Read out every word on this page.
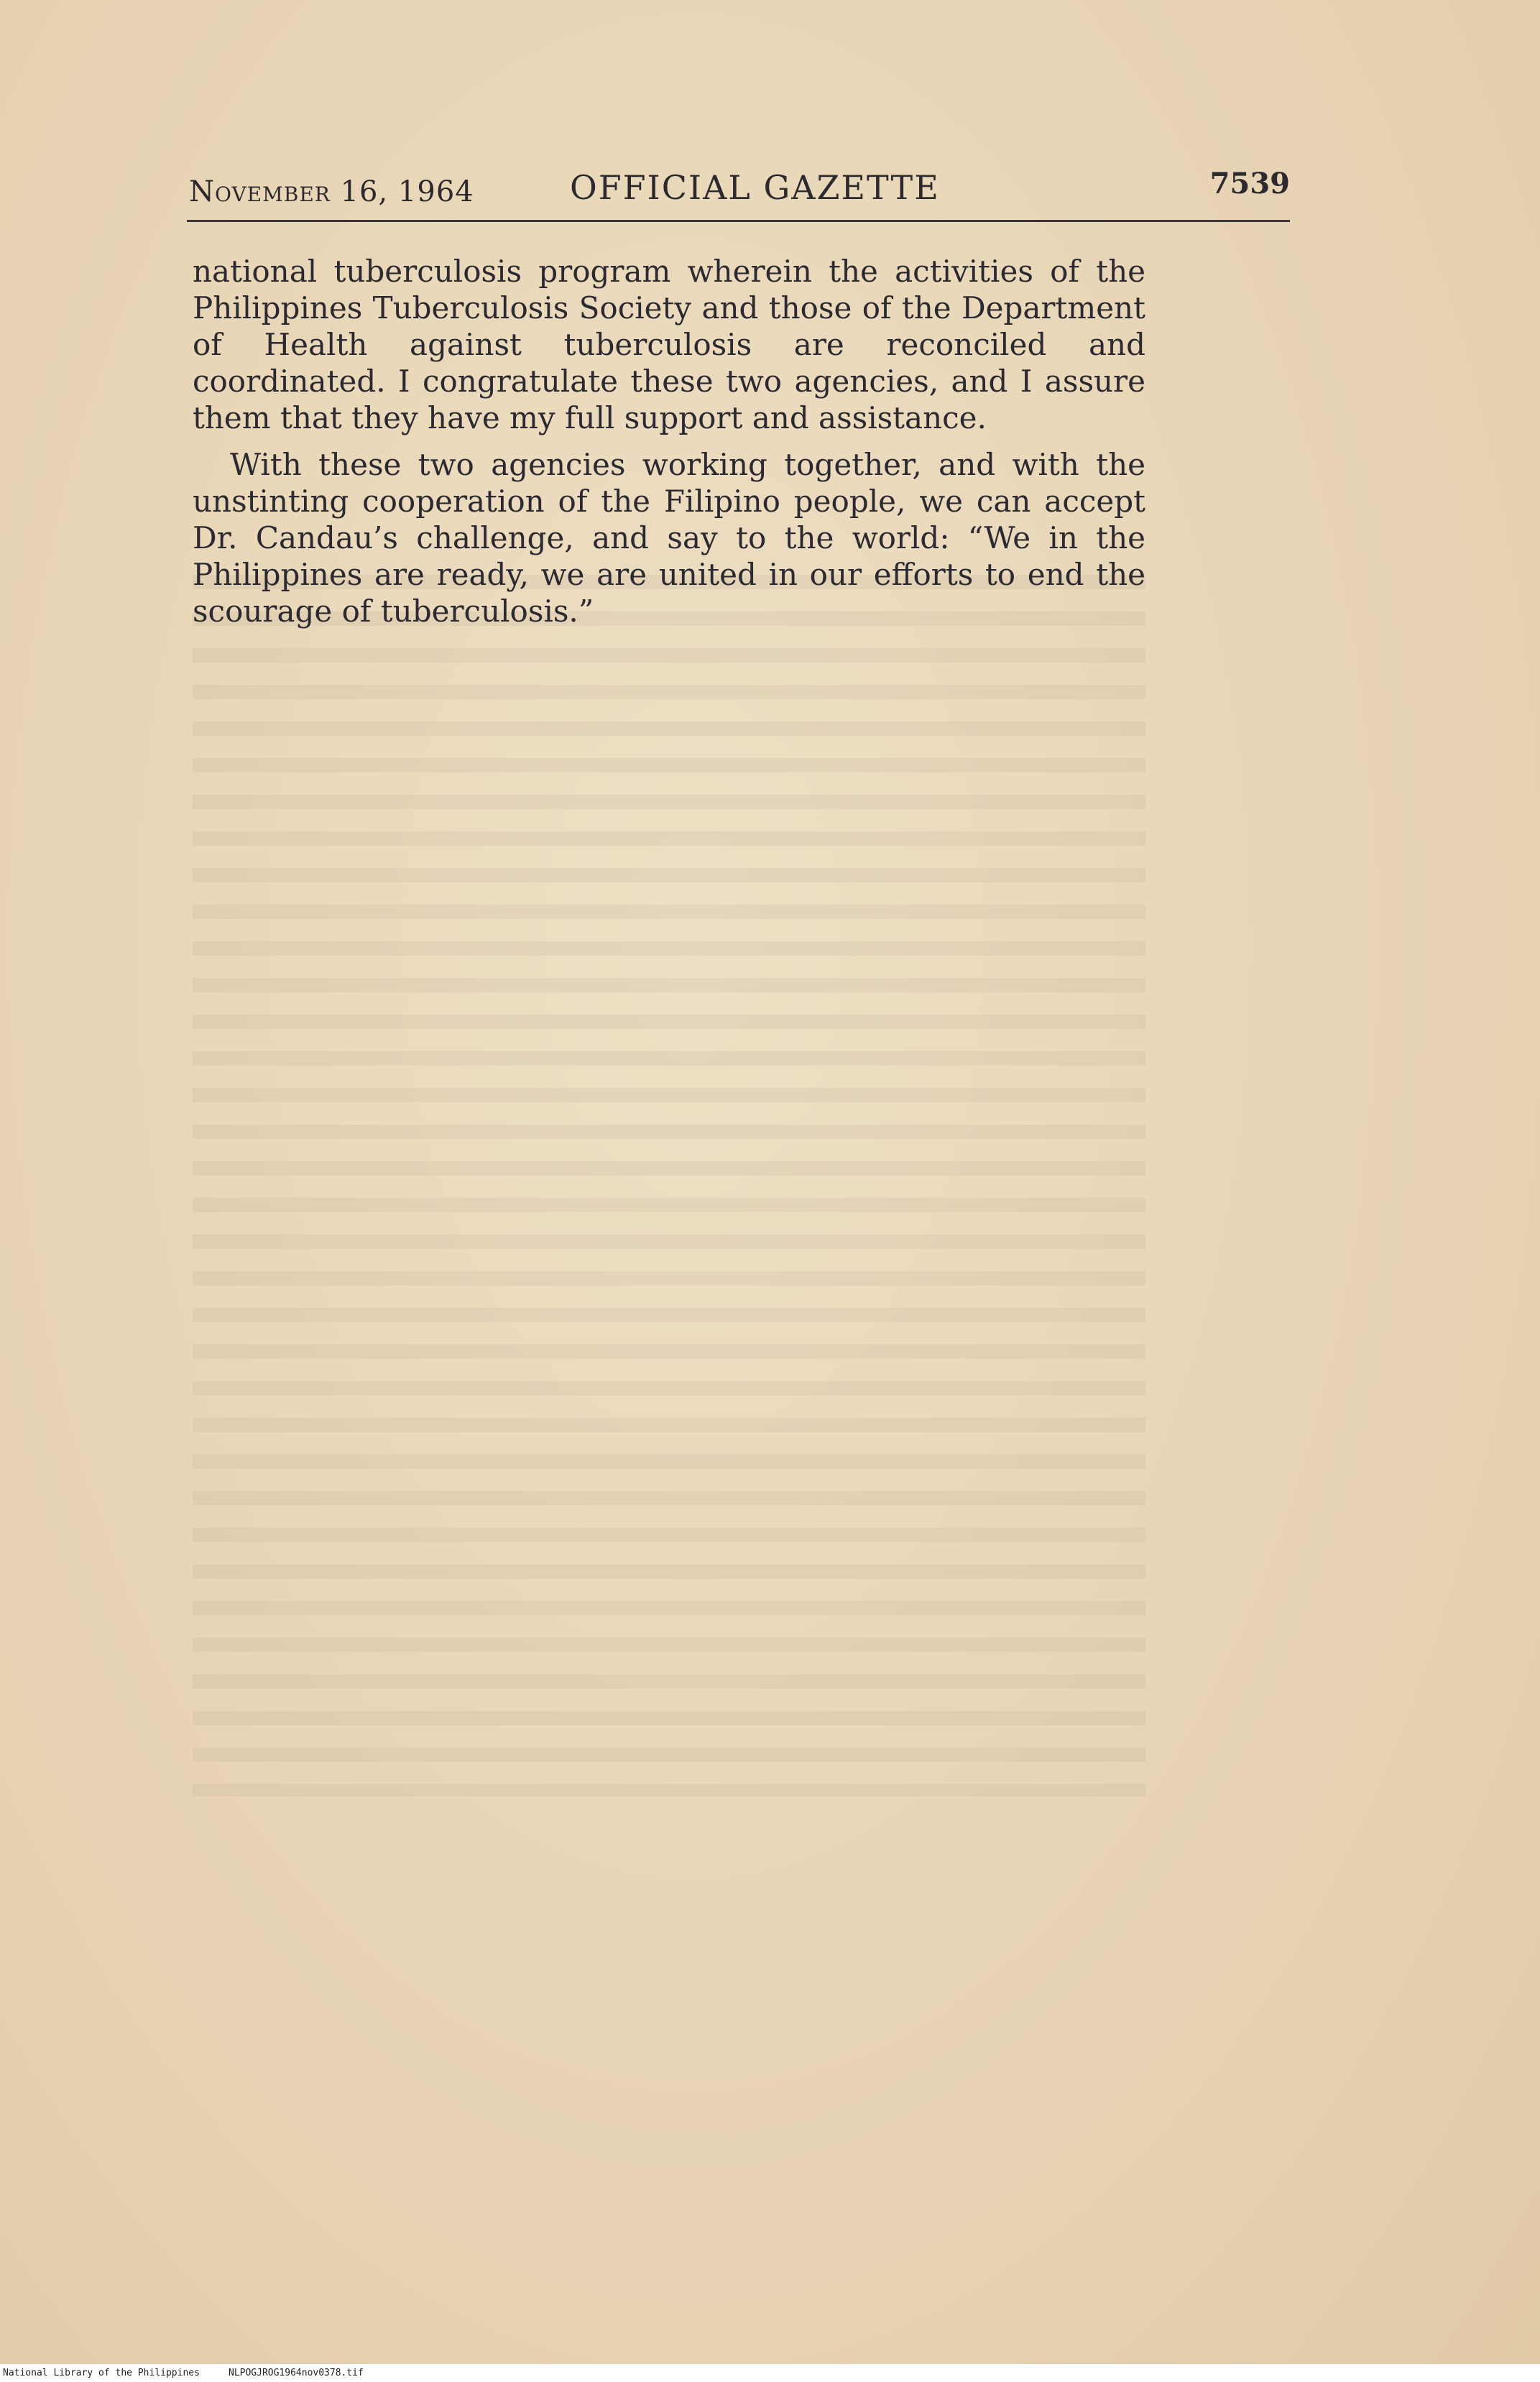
November 16, 1964	OFFICIAL GAZETTE	7539

national tuberculosis program wherein the activities of the Philippines Tuberculosis Society and those of the Department of Health against tuberculosis are reconciled and coordinated. I congratulate these two agencies, and I assure them that they have my full support and assistance.

With these two agencies working together, and with the unstinting cooperation of the Filipino people, we can accept Dr. Candau’s challenge, and say to the world: “We in the Philippines are ready, we are united in our efforts to end the scourage of tuberculosis.”

National Library of the Philippines	NLPOGJROG1964nov0378.tif
